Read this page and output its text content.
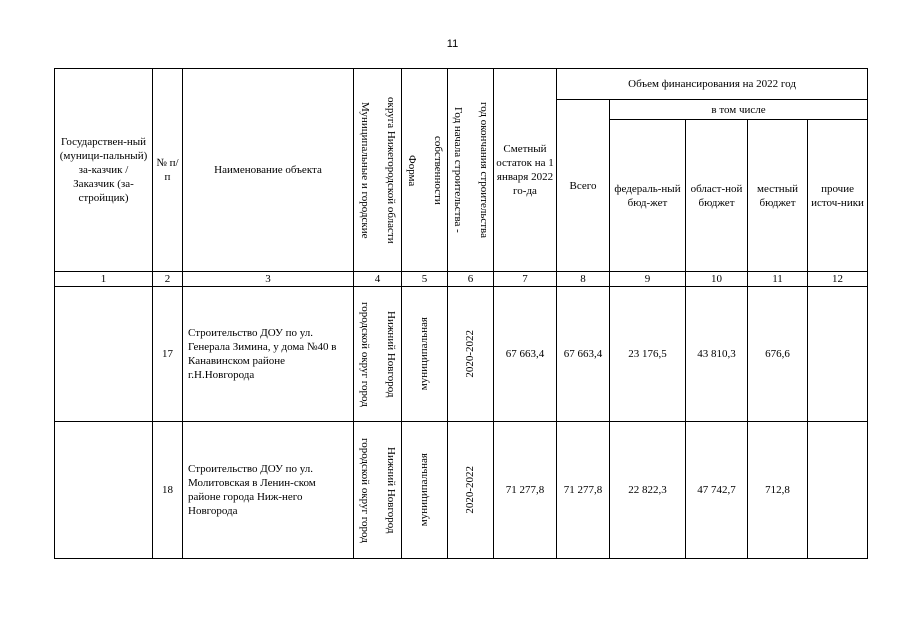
11
Государствен-ный (муници-пальный) за-казчик / Заказчик (за-стройщик)	№ п/п	Наименование объекта	Муниципальные и городские округа Нижегородской области	Форма собственности	Год начала строительства - год окончания строительства	Сметный остаток на 1 января 2022 го-да	Объем финансирования на 2022 год				
							Всего	в том числе			

								федераль-ный бюд-жет	област-ной бюджет	местный бюджет	прочие источ-ники

1	2	3	4	5	6	7	8	9	10	11	12
	17	Строительство ДОУ по ул. Генерала Зимина, у дома №40 в Канавинском районе г.Н.Новгорода	городской округ город Нижний Новгород	муниципальная	2020-2022	67 663,4	67 663,4	23 176,5	43 810,3	676,6	
	18	Строительство ДОУ по ул. Молитовская в Ленин-ском районе города Ниж-него Новгорода	городской округ город Нижний Новгород	муниципальная	2020-2022	71 277,8	71 277,8	22 822,3	47 742,7	712,8	
